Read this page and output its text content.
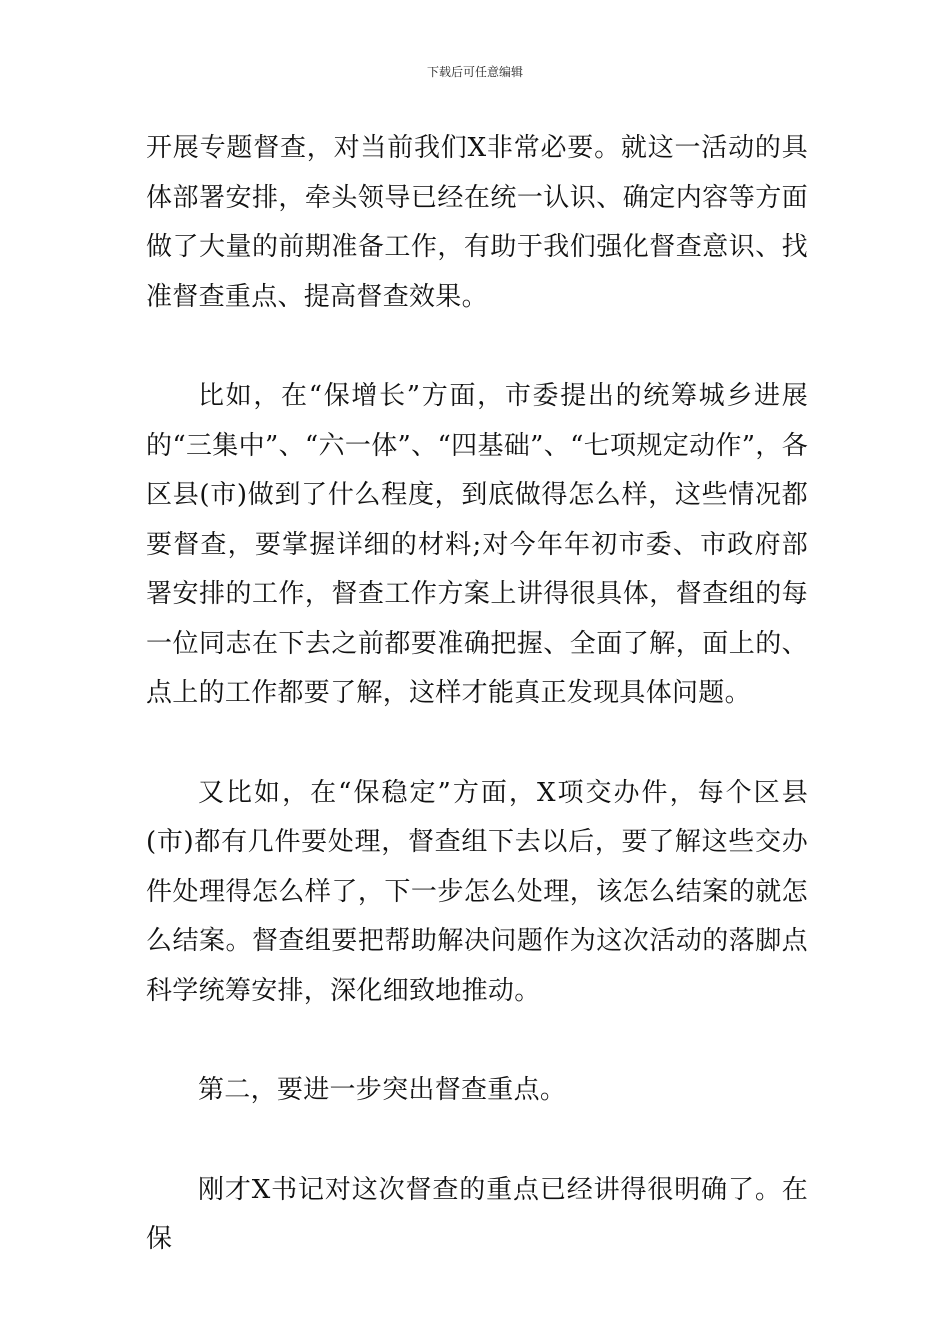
下载后可任意编辑

开展专题督查，对当前我们X非常必要。就这一活动的具体部署安排，牵头领导已经在统一认识、确定内容等方面做了大量的前期准备工作，有助于我们强化督查意识、找准督查重点、提高督查效果。

比如，在“保增长”方面，市委提出的统筹城乡进展的“三集中”、“六一体”、“四基础”、“七项规定动作”，各区县(市)做到了什么程度，到底做得怎么样，这些情况都要督查，要掌握详细的材料;对今年年初市委、市政府部署安排的工作，督查工作方案上讲得很具体，督查组的每一位同志在下去之前都要准确把握、全面了解，面上的、点上的工作都要了解，这样才能真正发现具体问题。

又比如，在“保稳定”方面，X项交办件，每个区县(市)都有几件要处理，督查组下去以后，要了解这些交办件处理得怎么样了，下一步怎么处理，该怎么结案的就怎么结案。督查组要把帮助解决问题作为这次活动的落脚点科学统筹安排，深化细致地推动。

第二，要进一步突出督查重点。

刚才X书记对这次督查的重点已经讲得很明确了。在保
